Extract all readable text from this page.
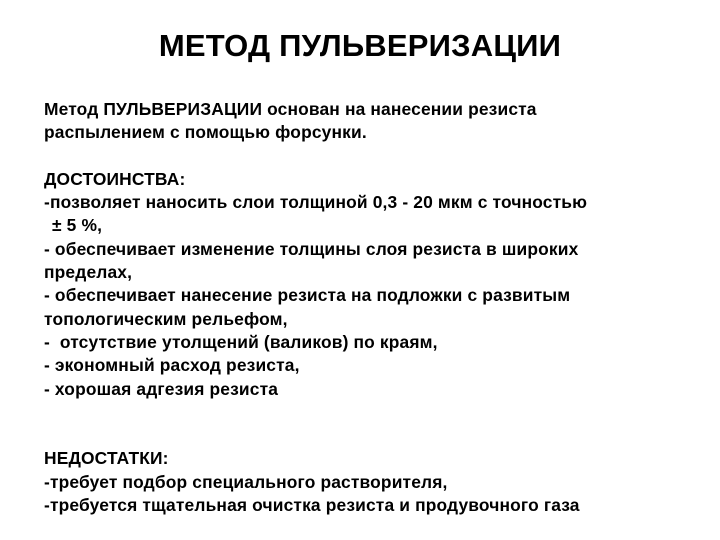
МЕТОД ПУЛЬВЕРИЗАЦИИ
Метод ПУЛЬВЕРИЗАЦИИ основан на нанесении резиста
распылением с помощью форсунки.
ДОСТОИНСТВА:
-позволяет наносить слои толщиной 0,3 - 20 мкм с точностью
± 5 %,
- обеспечивает изменение толщины слоя резиста в широких
пределах,
- обеспечивает нанесение резиста на подложки с развитым
топологическим рельефом,
-  отсутствие утолщений (валиков) по краям,
- экономный расход резиста,
- хорошая адгезия резиста
НЕДОСТАТКИ:
-требует подбор специального растворителя,
-требуется тщательная очистка резиста и продувочного газа
